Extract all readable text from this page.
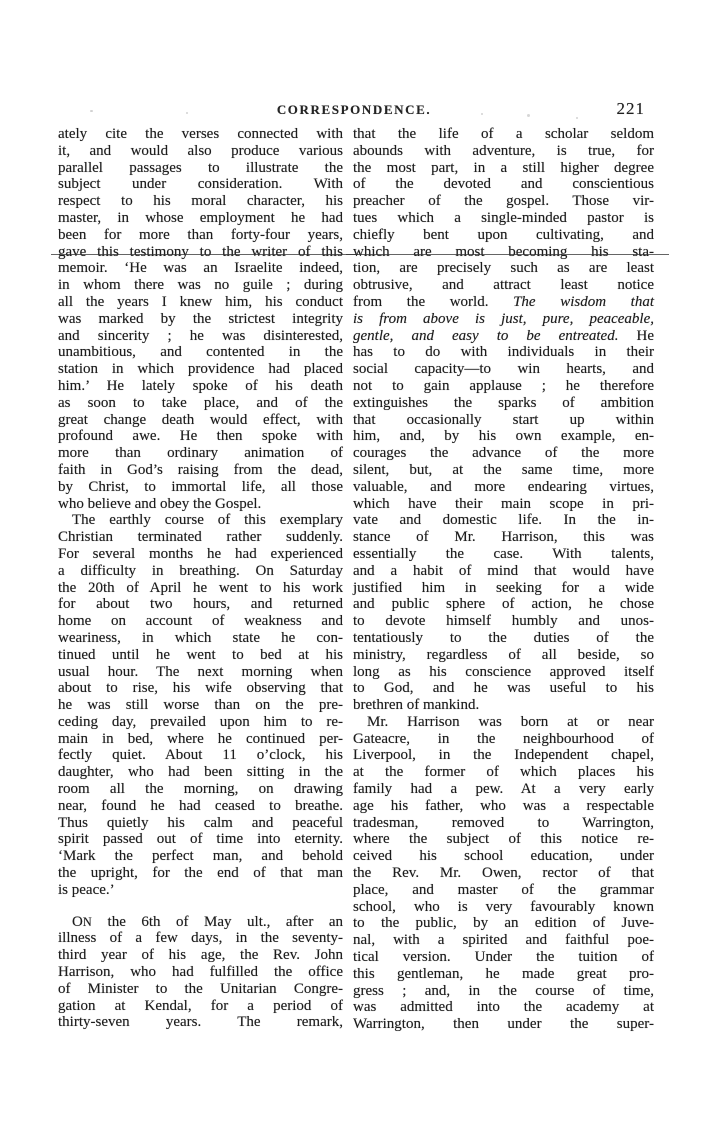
CORRESPONDENCE.	221
ately cite the verses connected with
it, and would also produce various
parallel passages to illustrate the
subject under consideration. With
respect to his moral character, his
master, in whose employment he had
been for more than forty-four years,
gave this testimony to the writer of this
memoir. ‘He was an Israelite indeed,
in whom there was no guile ; during
all the years I knew him, his conduct
was marked by the strictest integrity
and sincerity ; he was disinterested,
unambitious, and contented in the
station in which providence had placed
him.’ He lately spoke of his death
as soon to take place, and of the
great change death would effect, with
profound awe. He then spoke with
more than ordinary animation of
faith in God’s raising from the dead,
by Christ, to immortal life, all those
who believe and obey the Gospel.
The earthly course of this exemplary
Christian terminated rather suddenly.
For several months he had experienced
a difficulty in breathing. On Saturday
the 20th of April he went to his work
for about two hours, and returned
home on account of weakness and
weariness, in which state he con-
tinued until he went to bed at his
usual hour. The next morning when
about to rise, his wife observing that
he was still worse than on the pre-
ceding day, prevailed upon him to re-
main in bed, where he continued per-
fectly quiet. About 11 o’clock, his
daughter, who had been sitting in the
room all the morning, on drawing
near, found he had ceased to breathe.
Thus quietly his calm and peaceful
spirit passed out of time into eternity.
‘Mark the perfect man, and behold
the upright, for the end of that man
is peace.’
ON the 6th of May ult., after an
illness of a few days, in the seventy-
third year of his age, the Rev. John
Harrison, who had fulfilled the office
of Minister to the Unitarian Congre-
gation at Kendal, for a period of
thirty-seven years. The remark,
that the life of a scholar seldom
abounds with adventure, is true, for
the most part, in a still higher degree
of the devoted and conscientious
preacher of the gospel. Those vir-
tues which a single-minded pastor is
chiefly bent upon cultivating, and
which are most becoming his sta-
tion, are precisely such as are least
obtrusive, and attract least notice
from the world. The wisdom that
is from above is just, pure, peaceable,
gentle, and easy to be entreated. He
has to do with individuals in their
social capacity—to win hearts, and
not to gain applause ; he therefore
extinguishes the sparks of ambition
that occasionally start up within
him, and, by his own example, en-
courages the advance of the more
silent, but, at the same time, more
valuable, and more endearing virtues,
which have their main scope in pri-
vate and domestic life. In the in-
stance of Mr. Harrison, this was
essentially the case. With talents,
and a habit of mind that would have
justified him in seeking for a wide
and public sphere of action, he chose
to devote himself humbly and unos-
tentatiously to the duties of the
ministry, regardless of all beside, so
long as his conscience approved itself
to God, and he was useful to his
brethren of mankind.
Mr. Harrison was born at or near
Gateacre, in the neighbourhood of
Liverpool, in the Independent chapel,
at the former of which places his
family had a pew. At a very early
age his father, who was a respectable
tradesman, removed to Warrington,
where the subject of this notice re-
ceived his school education, under
the Rev. Mr. Owen, rector of that
place, and master of the grammar
school, who is very favourably known
to the public, by an edition of Juve-
nal, with a spirited and faithful poe-
tical version. Under the tuition of
this gentleman, he made great pro-
gress ; and, in the course of time,
was admitted into the academy at
Warrington, then under the super-
